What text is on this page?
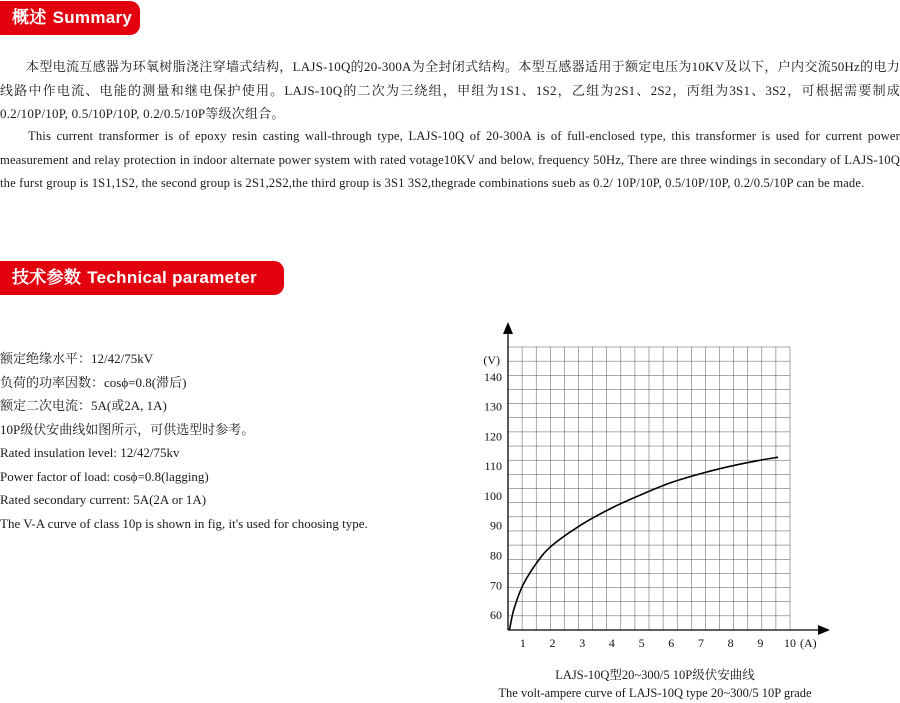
概述 Summary

本型电流互感器为环氧树脂浇注穿墙式结构，LAJS-10Q的20-300A为全封闭式结构。本型互感器适用于额定电压为10KV及以下，户内交流50Hz的电力线路中作电流、电能的测量和继电保护使用。LAJS-10Q的二次为三绕组，甲组为1S1、1S2，乙组为2S1、2S2，丙组为3S1、3S2，可根据需要制成0.2/10P/10P, 0.5/10P/10P, 0.2/0.5/10P等级次组合。

This current transformer is of epoxy resin casting wall-through type, LAJS-10Q of 20-300A is of full-enclosed type, this transformer is used for current power measurement and relay protection in indoor alternate power system with rated votage10KV and below, frequency 50Hz, There are three windings in secondary of LAJS-10Q the furst group is 1S1,1S2, the second group is 2S1,2S2,the third group is 3S1 3S2,thegrade combinations sueb as 0.2/ 10P/10P, 0.5/10P/10P, 0.2/0.5/10P can be made.

技术参数 Technical parameter
额定绝缘水平：12/42/75kV
负荷的功率因数：cosϕ=0.8(滞后)
额定二次电流：5A(或2A, 1A)
10P级伏安曲线如图所示，可供选型时参考。
Rated insulation level: 12/42/75kv
Power factor of load: cosϕ=0.8(lagging)
Rated secondary current: 5A(2A or 1A)
The V-A curve of class 10p is shown in fig, it's used for choosing type.
60
70
80
90
100
110
120
130
140
1 2 3 4 5 6 7 8 9 10
(V)
(A)
LAJS-10Q型20~300/5 10P级伏安曲线
The volt-ampere curve of LAJS-10Q type 20~300/5 10P grade
